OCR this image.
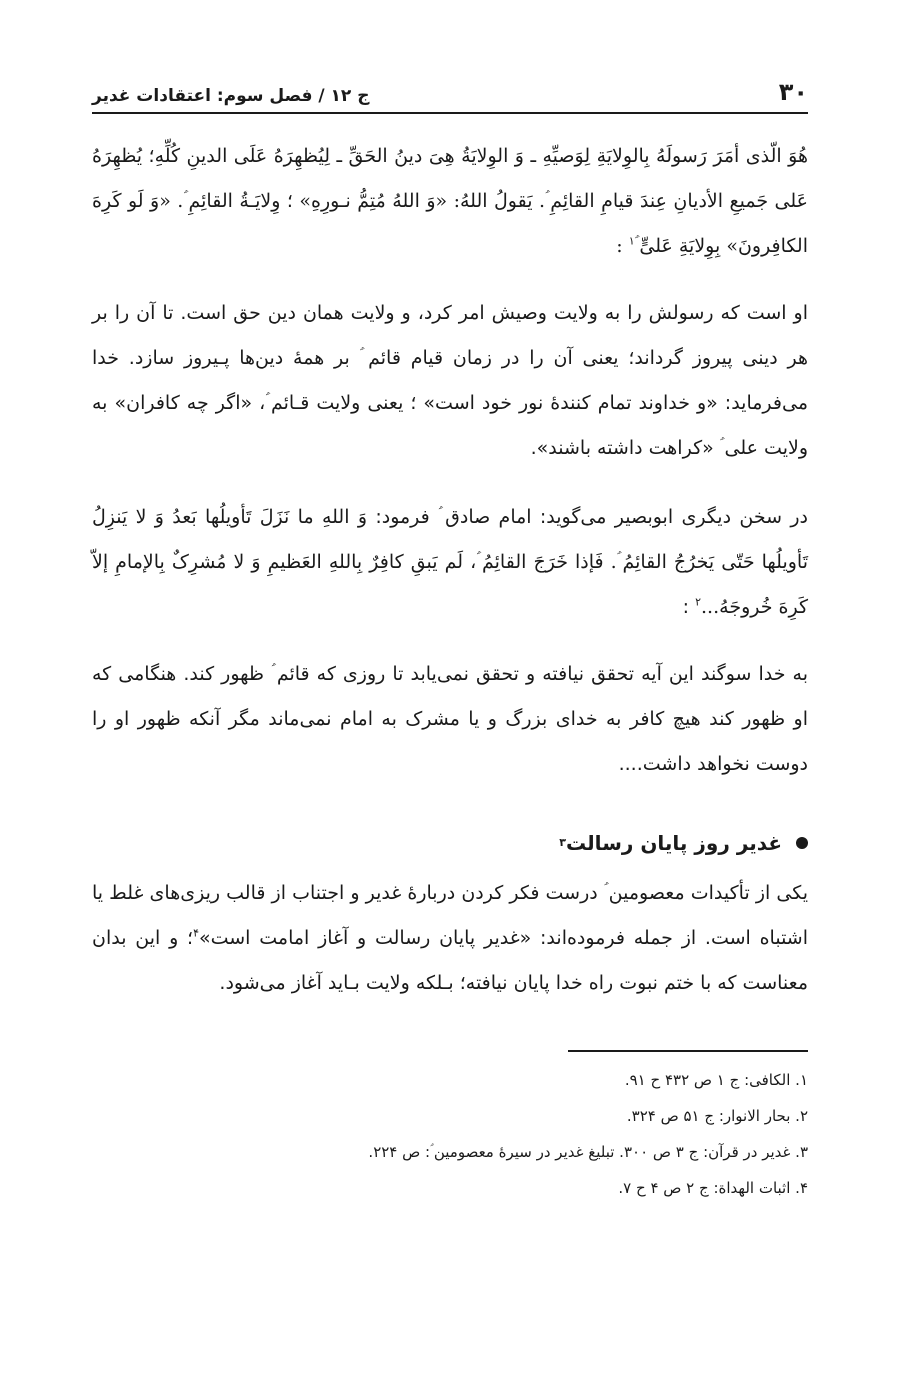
۳۰
ج ۱۲ / فصل سوم: اعتقادات غدیر
هُوَ الّذی أمَرَ رَسولَهُ بِالوِلایَةِ لِوَصیِّهِ ـ وَ الوِلایَةُ هِیَ دینُ الحَقِّ ـ لِیُظهِرَهُ عَلَی الدینِ کُلِّهِ؛ یُظهِرَهُ عَلی جَمیعِ الأدیانِ عِندَ قیامِ القائِمِ ؑ. یَقولُ اللهُ: «وَ اللهُ مُتِمُّ نـورِهِ» ؛ وِلایَـةُ القائِمِ ؑ. «وَ لَو کَرِهَ الکافِرونَ» بِوِلایَةِ عَلیٍّ ؑ$^۱$ :
او است که رسولش را به ولایت وصیش امر کرد، و ولایت همان دین حق است. تا آن را بر هر دینی پیروز گرداند؛ یعنی آن را در زمان قیام قائم ؑ بر همهٔ دین‌ها پـیروز سازد. خدا می‌فرماید: «و خداوند تمام کنندهٔ نور خود است» ؛ یعنی ولایت قـائم ؑ، «اگر چه کافران» به ولایت علی ؑ «کراهت داشته باشند».
در سخن دیگری ابوبصیر می‌گوید: امام صادق ؑ فرمود: وَ اللهِ ما نَزَلَ تَأویلُها بَعدُ وَ لا یَنزِلُ تَأویلُها حَتّی یَخرُجُ القائِمُ ؑ. فَإذا خَرَجَ القائِمُ ؑ، لَم یَبقِ کافِرٌ بِاللهِ العَظیمِ وَ لا مُشرِکٌ بِالإمامِ إلاّ کَرِهَ خُروجَهُ...$^۲$ :
به خدا سوگند این آیه تحقق نیافته و تحقق نمی‌یابد تا روزی که قائم ؑ ظهور کند. هنگامی که او ظهور کند هیچ کافر به خدای بزرگ و یا مشرک به امام نمی‌ماند مگر آنکه ظهور او را دوست نخواهد داشت....
غدیر روز پایان رسالت
۳
یکی از تأکیدات معصومین ؑ درست فکر کردن دربارهٔ غدیر و اجتناب از قالب ریزی‌های غلط یا اشتباه است. از جمله فرموده‌اند: «غدیر پایان رسالت و آغاز امامت است»$^۴$؛ و این بدان معناست که با ختم نبوت راه خدا پایان نیافته؛ بـلکه ولایت بـاید آغاز می‌شود.
۱. الکافی: ج ۱ ص ۴۳۲ ح ۹۱.
۲. بحار الانوار: ج ۵۱ ص ۳۲۴.
۳. غدیر در قرآن: ج ۳ ص ۳۰۰. تبلیغ غدیر در سیرهٔ معصومین ؑ: ص ۲۲۴.
۴. اثبات الهداة: ج ۲ ص ۴ ح ۷.
